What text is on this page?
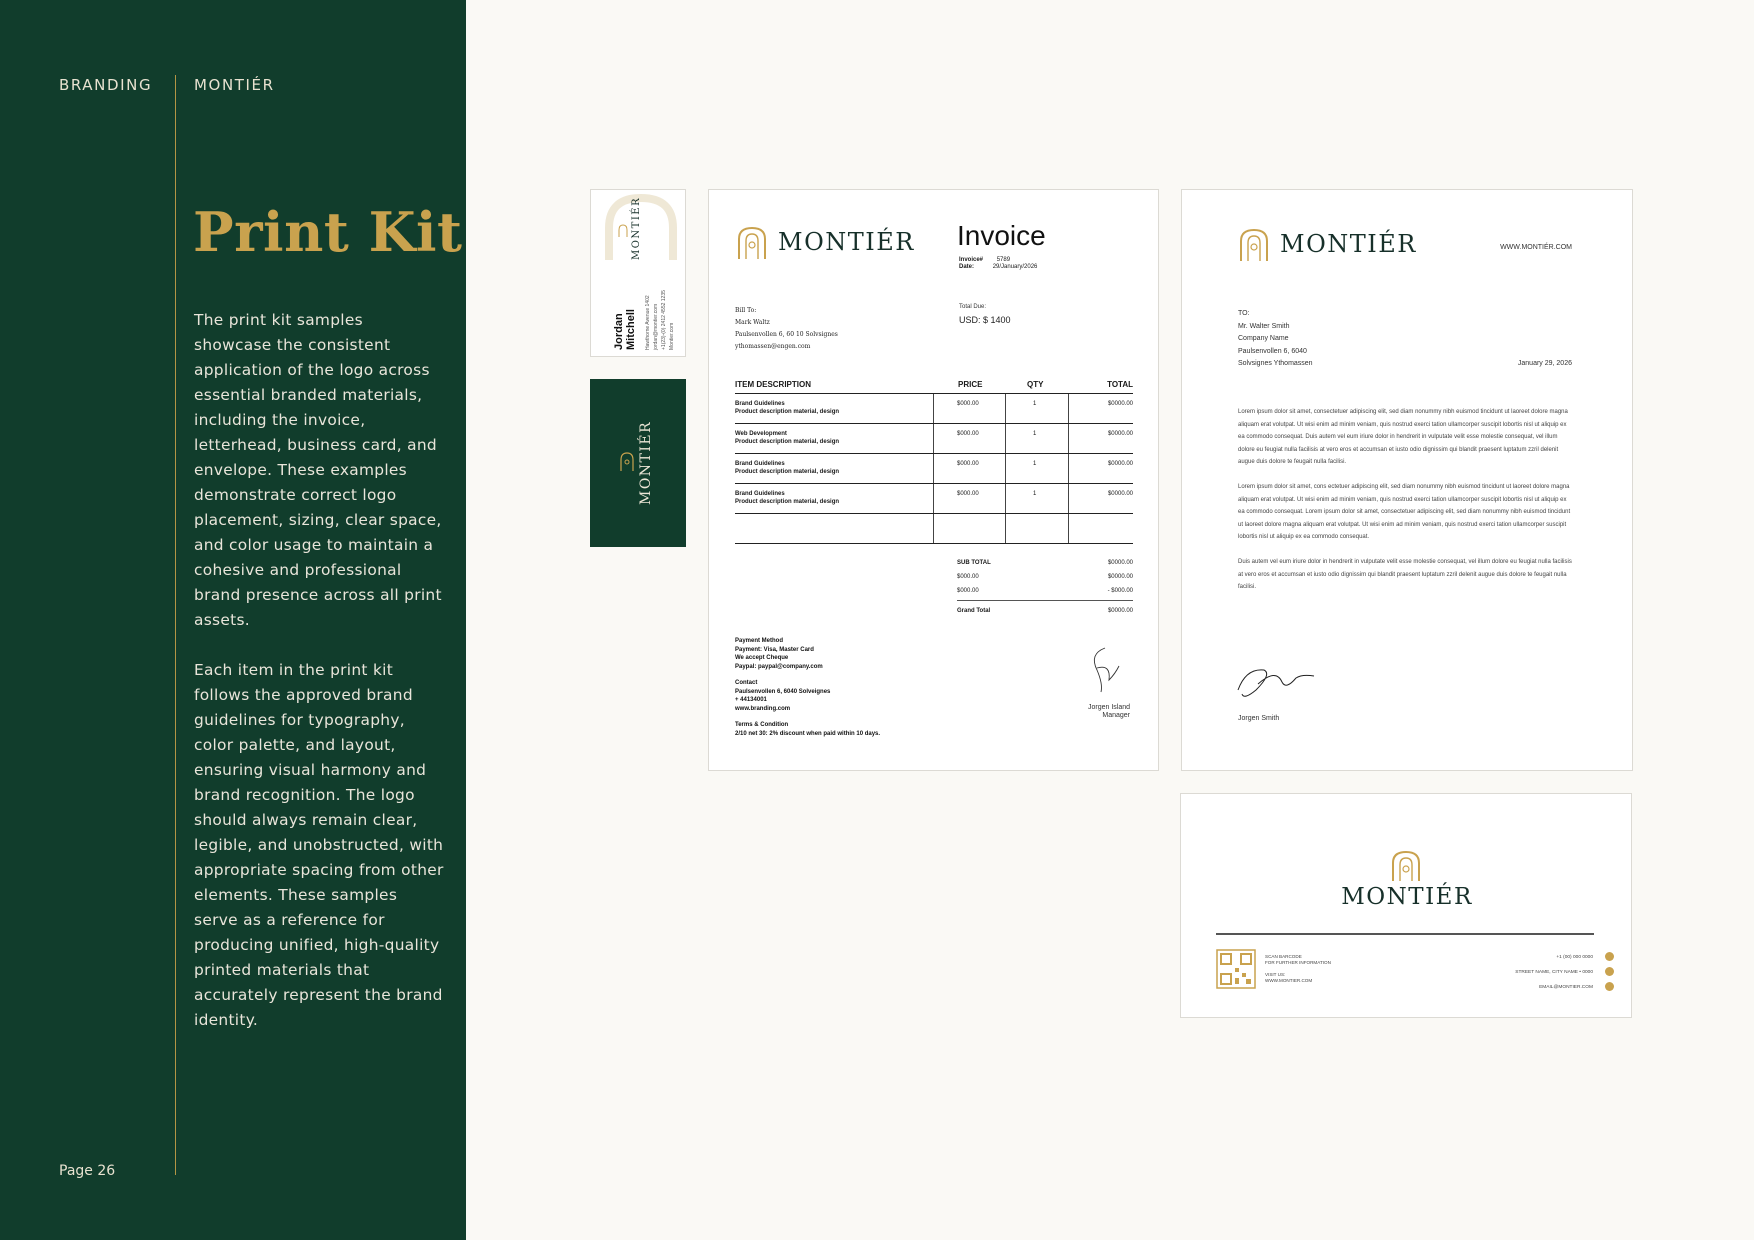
BRANDING	MONTIÉR
Print Kit

The print kit samples showcase the consistent application of the logo across essential branded materials, including the invoice, letterhead, business card, and envelope. These examples demonstrate correct logo placement, sizing, clear space, and color usage to maintain a cohesive and professional brand presence across all print assets.

Each item in the print kit follows the approved brand guidelines for typography, color palette, and layout, ensuring visual harmony and brand recognition. The logo should always remain clear, legible, and unobstructed, with appropriate spacing from other elements. These samples serve as a reference for producing unified, high-quality printed materials that accurately represent the brand identity.

Page 26
Jordan Mitchell Hawthorne Avenue 1402 jordan@montier.com +1(23)-(0) 2412 4552 1235 Montier.com
MONTIÉR
MONTIÉR
MONTIÉR Invoice
Invoice# 5789
Date:	29/January/2026
Bill To:
Mark Waltz
Paulsenvollen 6, 60 10 Solvsignes
ythomassen@engen.com
Total Due:
USD: $ 1400
ITEM DESCRIPTION	PRICE	QTY	TOTAL
Brand Guidelines
Product description material, design
$000.00	1	$0000.00
Web Development
Product description material, design
$000.00	1	$0000.00
Brand Guidelines
Product description material, design
$000.00	1	$0000.00
Brand Guidelines
Product description material, design
$000.00	1	$0000.00
SUB TOTAL	$0000.00
$000.00	$0000.00
$000.00	- $000.00
Grand Total	$0000.00
Payment Method
Payment: Visa, Master Card
We accept Cheque
Paypal: paypal@company.com
Contact
Paulsenvollen 6, 6040 Solveignes
+ 44134001
www.branding.com
Terms & Condition
2/10 net 30: 2% discount when paid within 10 days.
Jorgen Island
Manager
MONTIÉR	WWW.MONTIÉR.COM
TO:
Mr. Walter Smith
Company Name
Paulsenvollen 6, 6040
Solvsignes Ythomassen	January 29, 2026

Lorem ipsum dolor sit amet, consectetuer adipiscing elit, sed diam nonummy nibh euismod tincidunt ut laoreet dolore magna aliquam erat volutpat. Ut wisi enim ad minim veniam, quis nostrud exerci tation ullamcorper suscipit lobortis nisl ut aliquip ex ea commodo consequat. Duis autem vel eum iriure dolor in hendrerit in vulputate velit esse molestie consequat, vel illum dolore eu feugiat nulla facilisis at vero eros et accumsan et iusto odio dignissim qui blandit praesent luptatum zzril delenit augue duis dolore te feugait nulla facilisi.

Lorem ipsum dolor sit amet, cons ectetuer adipiscing elit, sed diam nonummy nibh euismod tincidunt ut laoreet dolore magna aliquam erat volutpat. Ut wisi enim ad minim veniam, quis nostrud exerci tation ullamcorper suscipit lobortis nisl ut aliquip ex ea commodo consequat. Lorem ipsum dolor sit amet, consectetuer adipiscing elit, sed diam nonummy nibh euismod tincidunt ut laoreet dolore magna aliquam erat volutpat. Ut wisi enim ad minim veniam, quis nostrud exerci tation ullamcorper suscipit lobortis nisl ut aliquip ex ea commodo consequat.

Duis autem vel eum iriure dolor in hendrerit in vulputate velit esse molestie consequat, vel illum dolore eu feugiat nulla facilisis at vero eros et accumsan et iusto odio dignissim qui blandit praesent luptatum zzril delenit augue duis dolore te feugait nulla facilisi.

Jorgen Smith
MONTIÉR
SCAN BARCODE
FOR FURTHER INFORMATION
VISIT US:
WWW.MONTIER.COM
+1 (00) 000 0000
STREET NAME, CITY NAME • 0000
EMAIL@MONTIER.COM
